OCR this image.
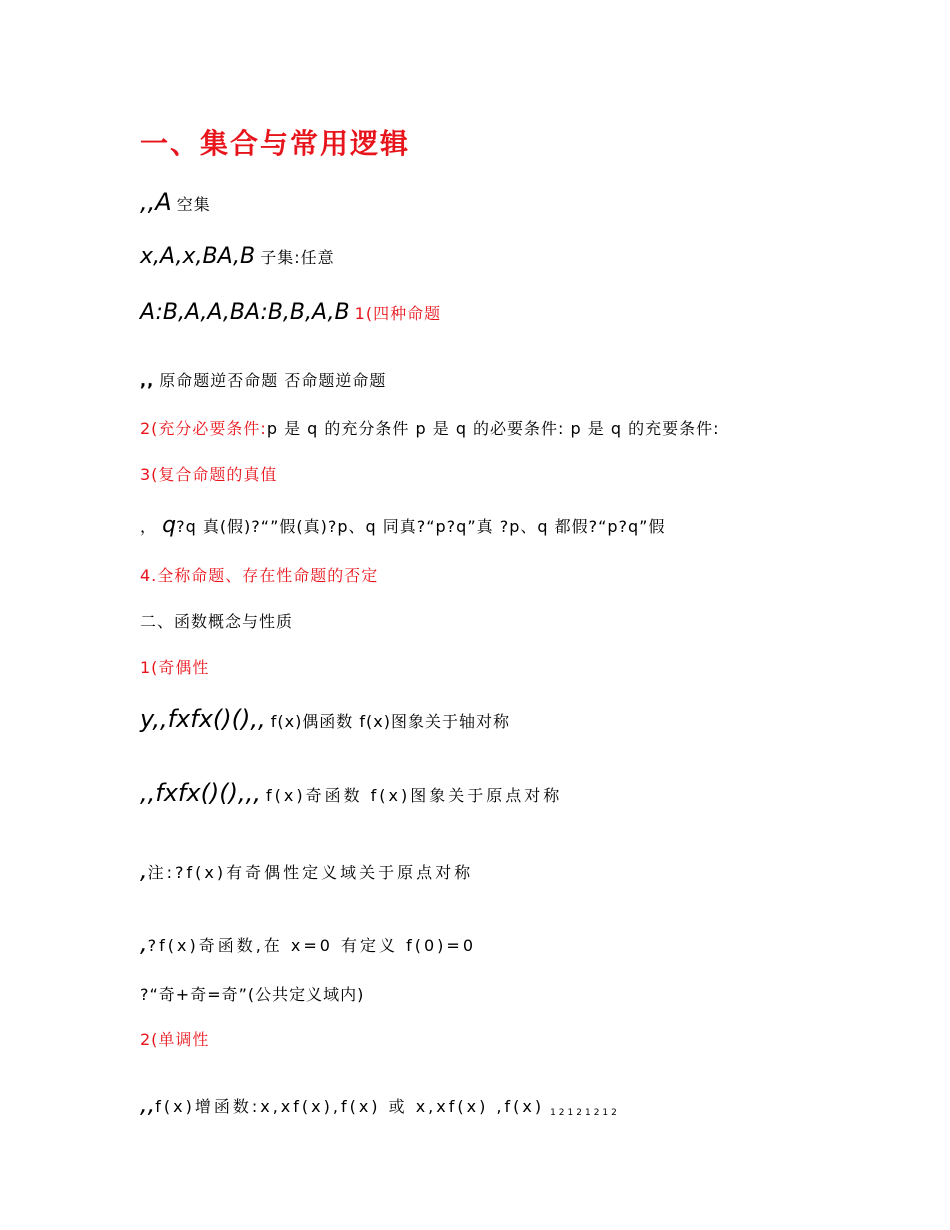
一、集合与常用逻辑
,,A 空集
x,A,x,BA,B 子集:任意
A:B,A,A,BA:B,B,A,B 1(四种命题
,, 原命题逆否命题 否命题逆命题
2(充分必要条件:p 是 q 的充分条件 p 是 q 的必要条件: p 是 q 的充要条件:
3(复合命题的真值
， q?q 真(假)?“”假(真)?p、q 同真?“p?q”真 ?p、q 都假?“p?q”假
4.全称命题、存在性命题的否定
二、函数概念与性质
1(奇偶性
y,,fxfx()(),, f(x)偶函数 f(x)图象关于轴对称
,,fxfx()(),,, f(x)奇函数 f(x)图象关于原点对称
,注:?f(x)有奇偶性定义域关于原点对称
,?f(x)奇函数,在 x=0 有定义 f(0)=0
?“奇+奇=奇”(公共定义域内)
2(单调性
,,f(x)增函数:x,xf(x),f(x) 或 x,xf(x) ,f(x) 12121212
